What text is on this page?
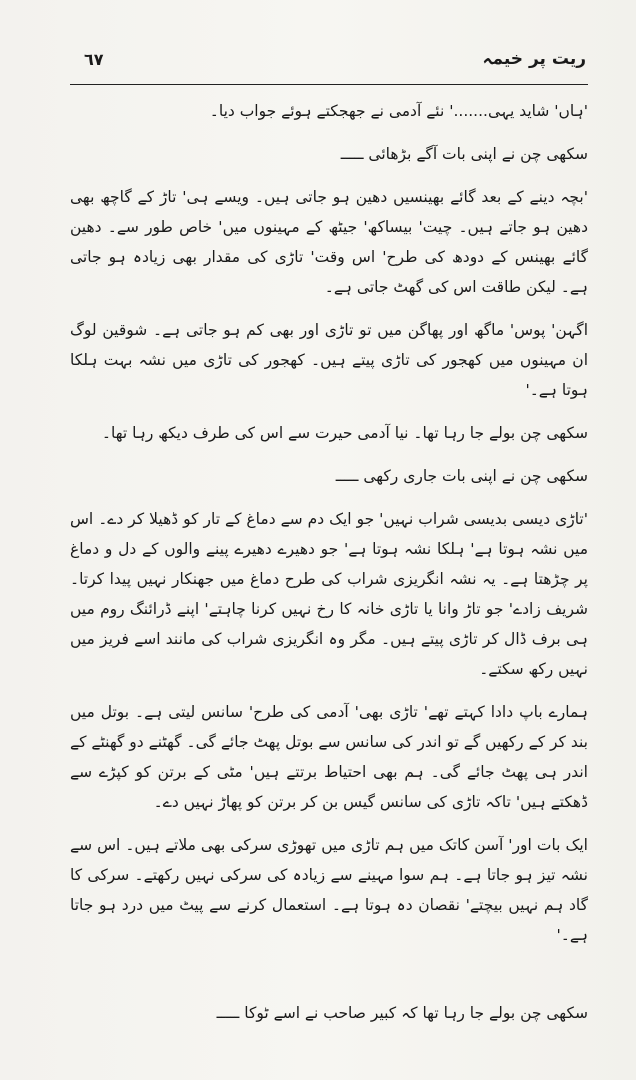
٦٧	ریت پر خیمہ

'ہاں' شاید یہی.......' نئے آدمی نے جھجکتے ہوئے جواب دیا۔

سکھی چن نے اپنی بات آگے بڑھائی ـــــ

'بچہ دینے کے بعد گائے بھینسیں دھین ہو جاتی ہیں۔ ویسے ہی' تاڑ کے گاچھ بھی دھین ہو جاتے ہیں۔ چیت' بیساکھ' جیٹھ کے مہینوں میں' خاص طور سے۔ دھین گائے بھینس کے دودھ کی طرح' اس وقت' تاڑی کی مقدار بھی زیادہ ہو جاتی ہے۔ لیکن طاقت اس کی گھٹ جاتی ہے۔

اگہن' پوس' ماگھ اور پھاگن میں تو تاڑی اور بھی کم ہو جاتی ہے۔ شوقین لوگ ان مہینوں میں کھجور کی تاڑی پیتے ہیں۔ کھجور کی تاڑی میں نشہ بہت ہلکا ہوتا ہے۔'

سکھی چن بولے جا رہا تھا۔ نیا آدمی حیرت سے اس کی طرف دیکھ رہا تھا۔

سکھی چن نے اپنی بات جاری رکھی ـــــ

'تاڑی دیسی بدیسی شراب نہیں' جو ایک دم سے دماغ کے تار کو ڈھیلا کر دے۔ اس میں نشہ ہوتا ہے' ہلکا نشہ ہوتا ہے' جو دھیرے دھیرے پینے والوں کے دل و دماغ پر چڑھتا ہے۔ یہ نشہ انگریزی شراب کی طرح دماغ میں جھنکار نہیں پیدا کرتا۔ شریف زادے' جو تاڑ وانا یا تاڑی خانہ کا رخ نہیں کرنا چاہتے' اپنے ڈرائنگ روم میں ہی برف ڈال کر تاڑی پیتے ہیں۔ مگر وہ انگریزی شراب کی مانند اسے فریز میں نہیں رکھ سکتے۔

ہمارے باپ دادا کہتے تھے' تاڑی بھی' آدمی کی طرح' سانس لیتی ہے۔ بوتل میں بند کر کے رکھیں گے تو اندر کی سانس سے بوتل پھٹ جائے گی۔ گھٹنے دو گھنٹے کے اندر ہی پھٹ جائے گی۔ ہم بھی احتیاط برتتے ہیں' مٹی کے برتن کو کپڑے سے ڈھکتے ہیں' تاکہ تاڑی کی سانس گیس بن کر برتن کو پھاڑ نہیں دے۔

ایک بات اور' آسن کاتک میں ہم تاڑی میں تھوڑی سرکی بھی ملاتے ہیں۔ اس سے نشہ تیز ہو جاتا ہے۔ ہم سوا مہینے سے زیادہ کی سرکی نہیں رکھتے۔ سرکی کا گاد ہم نہیں بیچتے' نقصان دہ ہوتا ہے۔ استعمال کرنے سے پیٹ میں درد ہو جاتا ہے۔'

سکھی چن بولے جا رہا تھا کہ کبیر صاحب نے اسے ٹوکا ـــــ
